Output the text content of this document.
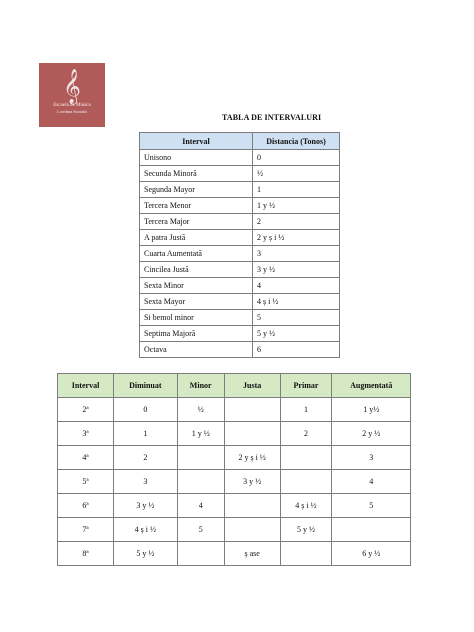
𝄞
Escuela de Música
Loredana Stratulat
TABLA DE INTERVALURI
Interval	Distancia (Tonos)
Unisono	0
Secunda Minoră	½
Segunda Mayor	1
Tercera Menor	1 y ½
Tercera Major	2
A patra Justă	2 y ș i ½
Cuarta Aumentată	3
Cincilea Justă	3 y ½
Sexta Minor	4
Sexta Mayor	4 ș i ½
Si bemol minor	5
Septima Majoră	5 y ½
Octava	6
Interval	Diminuat	Minor	Justa	Primar	Augmentată
2ª	0	½		1	1 y½
3ª	1	1 y ½		2	2 y ½
4ª	2		2 y ș i ½		3
5ª	3		3 y ½		4
6ª	3 y ½	4		4 ș i ½	5
7ª	4 ș i ½	5		5 y ½	
8ª	5 y ½		ș ase		6 y ½
